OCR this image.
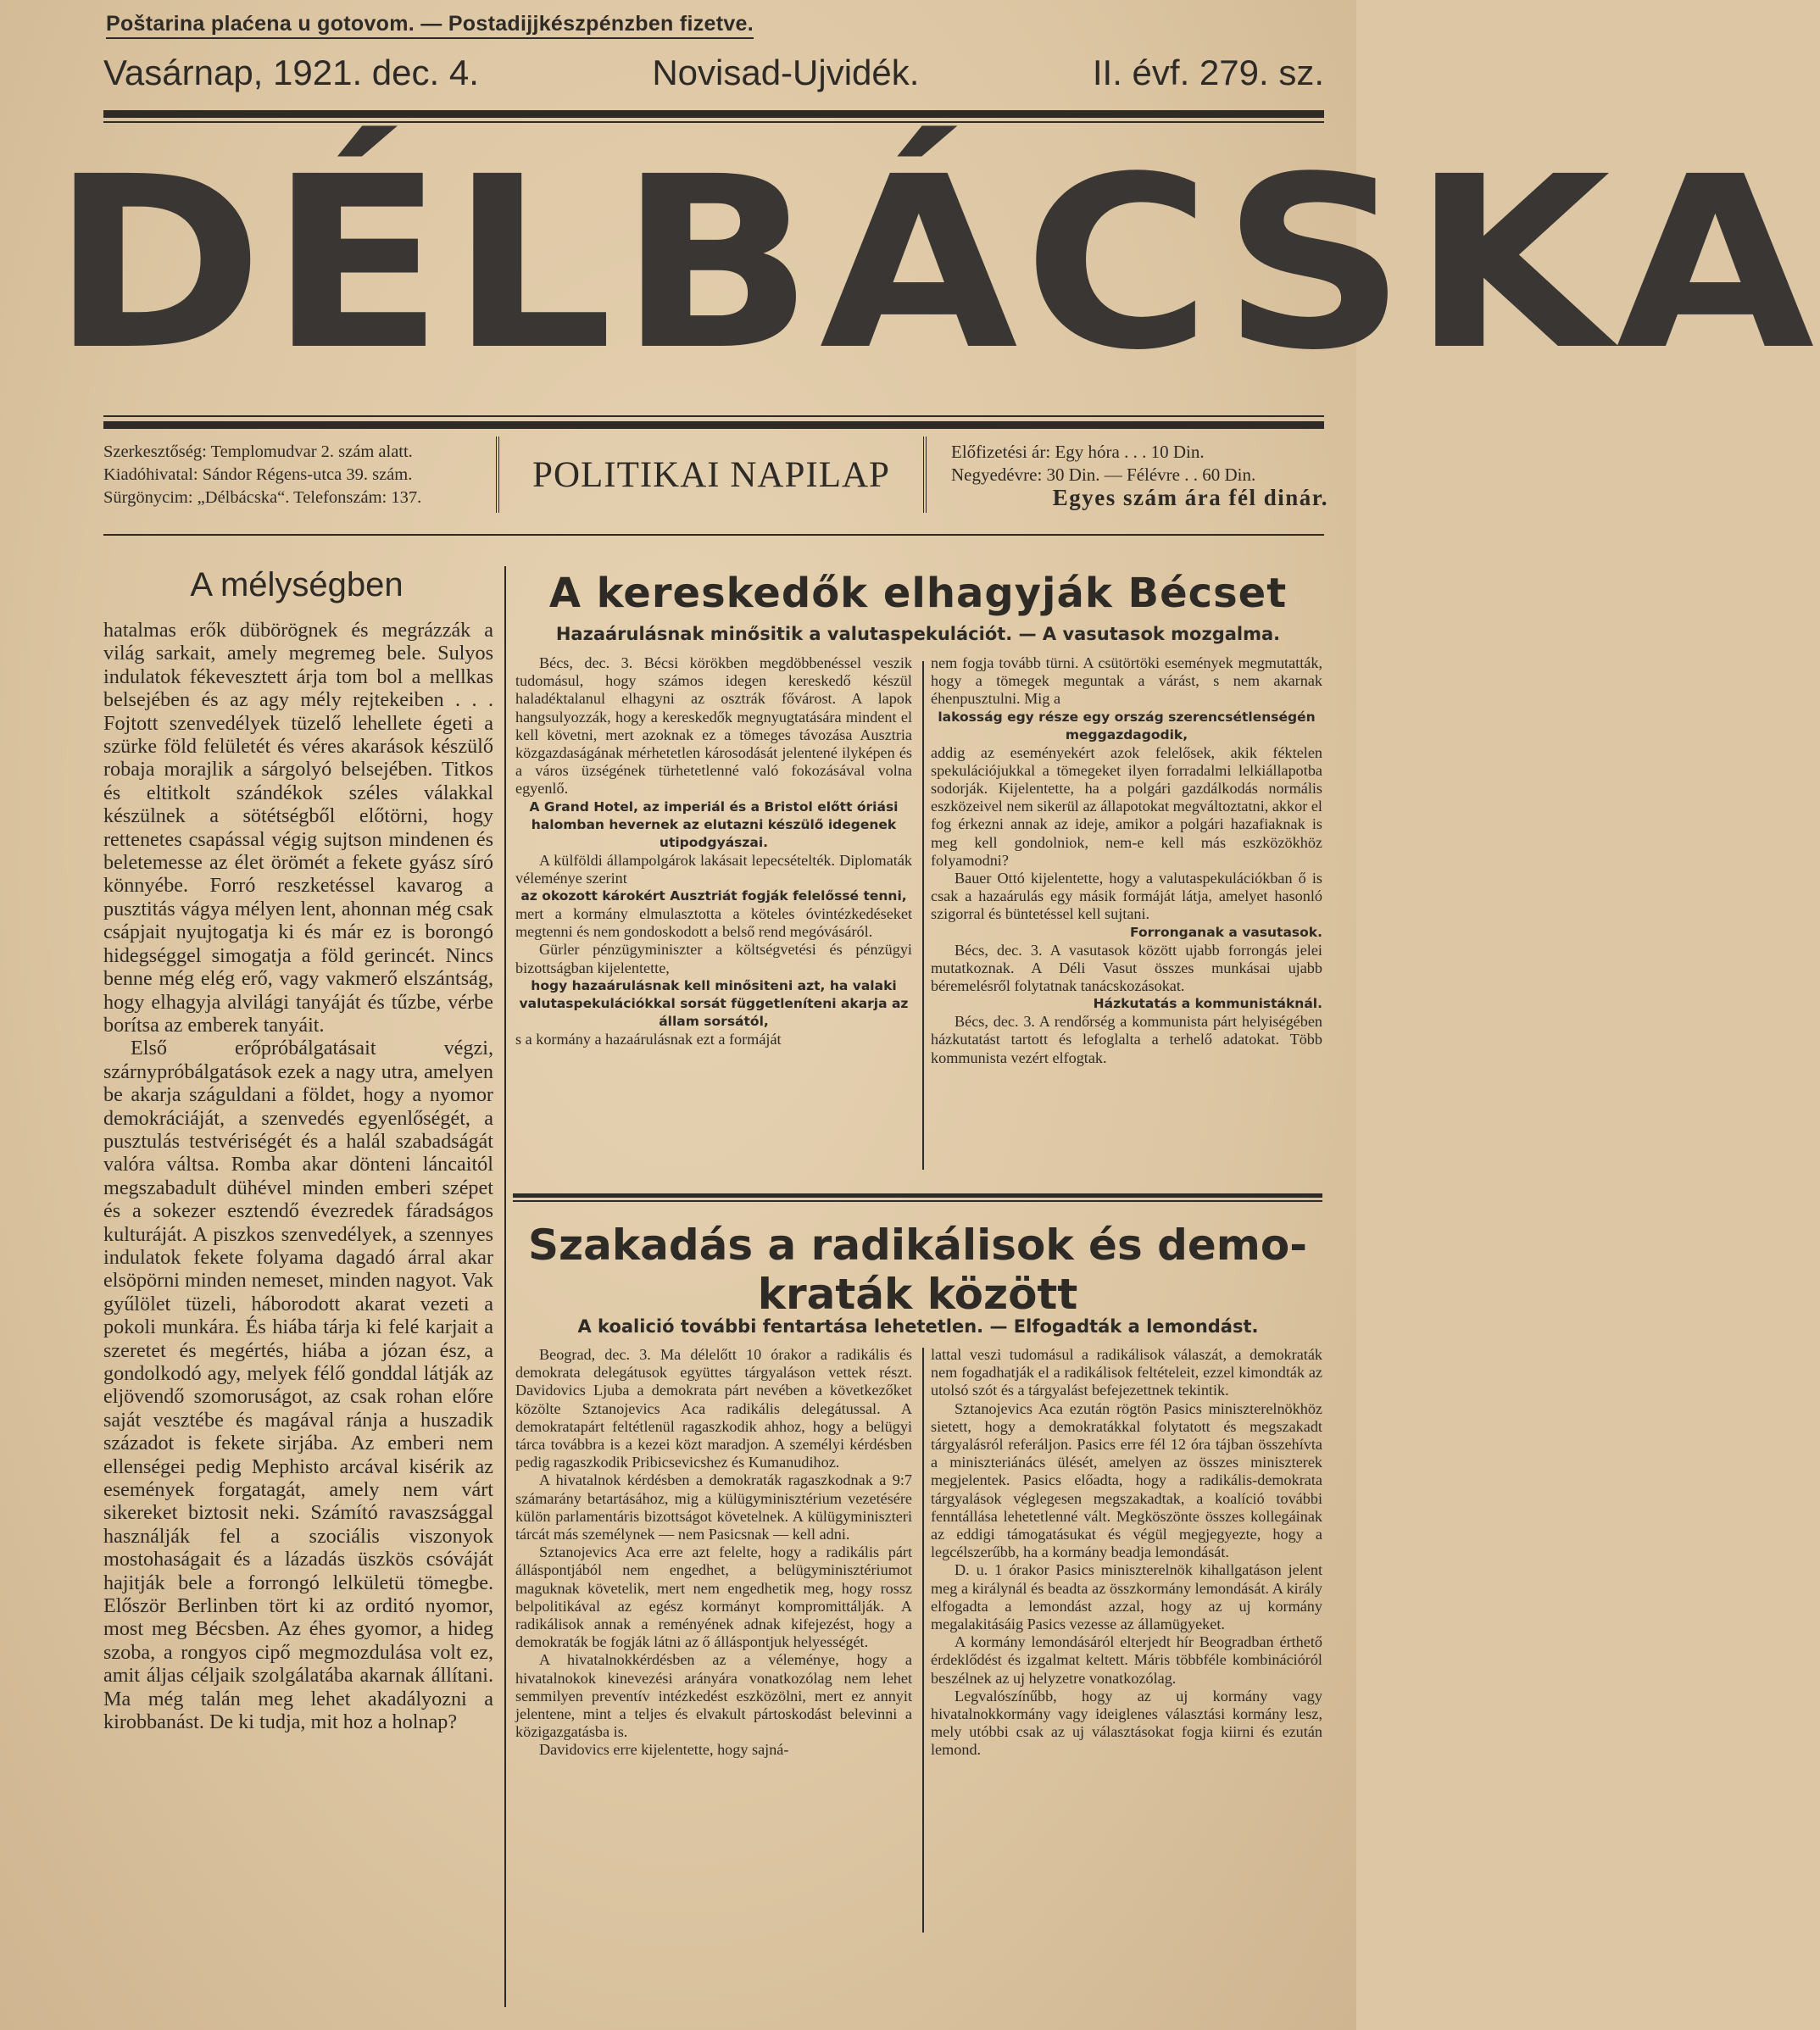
Poštarina plaćena u gotovom. — Postadijjkészpénzben fizetve.
Vasárnap, 1921. dec. 4.	Novisad-Ujvidék.	II. évf. 279. sz.
DÉLBÁCSKA
Szerkesztőség: Templomudvar 2. szám alatt.
Kiadóhivatal: Sándor Régens-utca 39. szám.
Sürgönycim: „Délbácska“. Telefonszám: 137.
POLITIKAI NAPILAP
Előfizetési ár: Egy hóra . . . 10 Din.
Negyedévre: 30 Din. — Félévre . . 60 Din.
Egyes szám ára fél dinár.
A mélységben

hatalmas erők dübörögnek és megrázzák a világ sarkait, amely megremeg bele. Sulyos indulatok fékevesztett árja tom bol a mellkas belsejében és az agy mély rejtekeiben . . . Fojtott szenvedélyek tüzelő lehellete égeti a szürke föld felületét és véres akarások készülő robaja morajlik a sárgolyó belsejében. Titkos és eltitkolt szándékok széles válakkal készülnek a sötétségből előtörni, hogy rettenetes csapással végig sujtson mindenen és beletemesse az élet örömét a fekete gyász síró könnyébe. Forró reszketéssel kavarog a pusztitás vágya mélyen lent, ahonnan még csak csápjait nyujtogatja ki és már ez is borongó hidegséggel simogatja a föld gerincét. Nincs benne még elég erő, vagy vakmerő elszántság, hogy elhagyja alvilági tanyáját és tűzbe, vérbe borítsa az emberek tanyáit.

Első erőpróbálgatásait végzi, szárnypróbálgatások ezek a nagy utra, amelyen be akarja száguldani a földet, hogy a nyomor demokráciáját, a szenvedés egyenlőségét, a pusztulás testvériségét és a halál szabadságát valóra váltsa. Romba akar dönteni láncaitól megszabadult dühével minden emberi szépet és a sokezer esztendő évezredek fáradságos kulturáját. A piszkos szenvedélyek, a szennyes indulatok fekete folyama dagadó árral akar elsöpörni minden nemeset, minden nagyot. Vak gyűlölet tüzeli, háborodott akarat vezeti a pokoli munkára. És hiába tárja ki felé karjait a szeretet és megértés, hiába a józan ész, a gondolkodó agy, melyek félő gonddal látják az eljövendő szomoruságot, az csak rohan előre saját vesztébe és magával ránja a huszadik századot is fekete sirjába. Az emberi nem ellenségei pedig Mephisto arcával kisérik az események forgatagát, amely nem várt sikereket biztosit neki. Számító ravaszsággal használják fel a szociális viszonyok mostohaságait és a lázadás üszkös csóváját hajitják bele a forrongó lelkületü tömegbe. Először Berlinben tört ki az orditó nyomor, most meg Bécsben. Az éhes gyomor, a hideg szoba, a rongyos cipő megmozdulása volt ez, amit áljas céljaik szolgálatába akarnak állítani. Ma még talán meg lehet akadályozni a kirobbanást. De ki tudja, mit hoz a holnap?

A kereskedők elhagyják Bécset
Hazaárulásnak minősitik a valutaspekulációt. — A vasutasok mozgalma.

Bécs, dec. 3. Bécsi körökben megdöbbenéssel veszik tudomásul, hogy számos idegen kereskedő készül haladéktalanul elhagyni az osztrák fővárost. A lapok hangsulyozzák, hogy a kereskedők megnyugtatására mindent el kell követni, mert azoknak ez a tömeges távozása Ausztria közgazdaságának mérhetetlen károsodását jelentené ilyképen és a város üzségének türhetetlenné való fokozásával volna egyenlő.

A Grand Hotel, az imperiál és a Bristol előtt óriási halomban hevernek az elutazni készülő idegenek utipodgyászai.

A külföldi állampolgárok lakásait lepecsételték. Diplomaták véleménye szerint

az okozott károkért Ausztriát fogják felelőssé tenni,

mert a kormány elmulasztotta a köteles óvintézkedéseket megtenni és nem gondoskodott a belső rend megóvásáról.

Gürler pénzügyminiszter a költségvetési és pénzügyi bizottságban kijelentette,

hogy hazaárulásnak kell minősiteni azt, ha valaki valutaspekulációkkal sorsát függetleníteni akarja az állam sorsától,

s a kormány a hazaárulásnak ezt a formáját

nem fogja tovább türni. A csütörtöki események megmutatták, hogy a tömegek meguntak a várást, s nem akarnak éhenpusztulni. Mig a

lakosság egy része egy ország szerencsétlenségén meggazdagodik,

addig az eseményekért azok felelősek, akik féktelen spekulációjukkal a tömegeket ilyen forradalmi lelkiállapotba sodorják. Kijelentette, ha a polgári gazdálkodás normális eszközeivel nem sikerül az állapotokat megváltoztatni, akkor el fog érkezni annak az ideje, amikor a polgári hazafiaknak is meg kell gondolniok, nem-e kell más eszközökhöz folyamodni?

Bauer Ottó kijelentette, hogy a valutaspekulációkban ő is csak a hazaárulás egy másik formáját látja, amelyet hasonló szigorral és büntetéssel kell sujtani.

Forronganak a vasutasok.

Bécs, dec. 3. A vasutasok között ujabb forrongás jelei mutatkoznak. A Déli Vasut összes munkásai ujabb béremelésről folytatnak tanácskozásokat.

Házkutatás a kommunistáknál.

Bécs, dec. 3. A rendőrség a kommunista párt helyiségében házkutatást tartott és lefoglalta a terhelő adatokat. Több kommunista vezért elfogtak.

Szakadás a radikálisok és demo-
kraták között
A koalició további fentartása lehetetlen. — Elfogadták a lemondást.

Beograd, dec. 3. Ma délelőtt 10 órakor a radikális és demokrata delegátusok együttes tárgyaláson vettek részt. Davidovics Ljuba a demokrata párt nevében a következőket közölte Sztanojevics Aca radikális delegátussal. A demokratapárt feltétlenül ragaszkodik ahhoz, hogy a belügyi tárca továbbra is a kezei közt maradjon. A személyi kérdésben pedig ragaszkodik Pribicsevicshez és Kumanudihoz.

A hivatalnok kérdésben a demokraták ragaszkodnak a 9:7 számarány betartásához, mig a külügyminisztérium vezetésére külön parlamentáris bizottságot követelnek. A külügyminiszteri tárcát más személynek — nem Pasicsnak — kell adni.

Sztanojevics Aca erre azt felelte, hogy a radikális párt álláspontjából nem engedhet, a belügyminisztériumot maguknak követelik, mert nem engedhetik meg, hogy rossz belpolitikával az egész kormányt kompromittálják. A radikálisok annak a reményének adnak kifejezést, hogy a demokraták be fogják látni az ő álláspontjuk helyességét.

A hivatalnokkérdésben az a véleménye, hogy a hivatalnokok kinevezési arányára vonatkozólag nem lehet semmilyen preventív intézkedést eszközölni, mert ez annyit jelentene, mint a teljes és elvakult pártoskodást belevinni a közigazgatásba is.

Davidovics erre kijelentette, hogy sajná-

lattal veszi tudomásul a radikálisok válaszát, a demokraták nem fogadhatják el a radikálisok feltételeit, ezzel kimondták az utolsó szót és a tárgyalást befejezettnek tekintik.

Sztanojevics Aca ezután rögtön Pasics miniszterelnökhöz sietett, hogy a demokratákkal folytatott és megszakadt tárgyalásról referáljon. Pasics erre fél 12 óra tájban összehívta a miniszteriánács ülését, amelyen az összes miniszterek megjelentek. Pasics előadta, hogy a radikális-demokrata tárgyalások véglegesen megszakadtak, a koalíció további fenntállása lehetetlenné vált. Megköszönte összes kollegáinak az eddigi támogatásukat és végül megjegyezte, hogy a legcélszerűbb, ha a kormány beadja lemondását.

D. u. 1 órakor Pasics miniszterelnök kihallgatáson jelent meg a királynál és beadta az összkormány lemondását. A király elfogadta a lemondást azzal, hogy az uj kormány megalakitásáig Pasics vezesse az államügyeket.

A kormány lemondásáról elterjedt hír Beogradban érthető érdeklődést és izgalmat keltett. Máris többféle kombinációról beszélnek az uj helyzetre vonatkozólag.

Legvalószínűbb, hogy az uj kormány vagy hivatalnokkormány vagy ideiglenes választási kormány lesz, mely utóbbi csak az uj választásokat fogja kiirni és ezután lemond.
